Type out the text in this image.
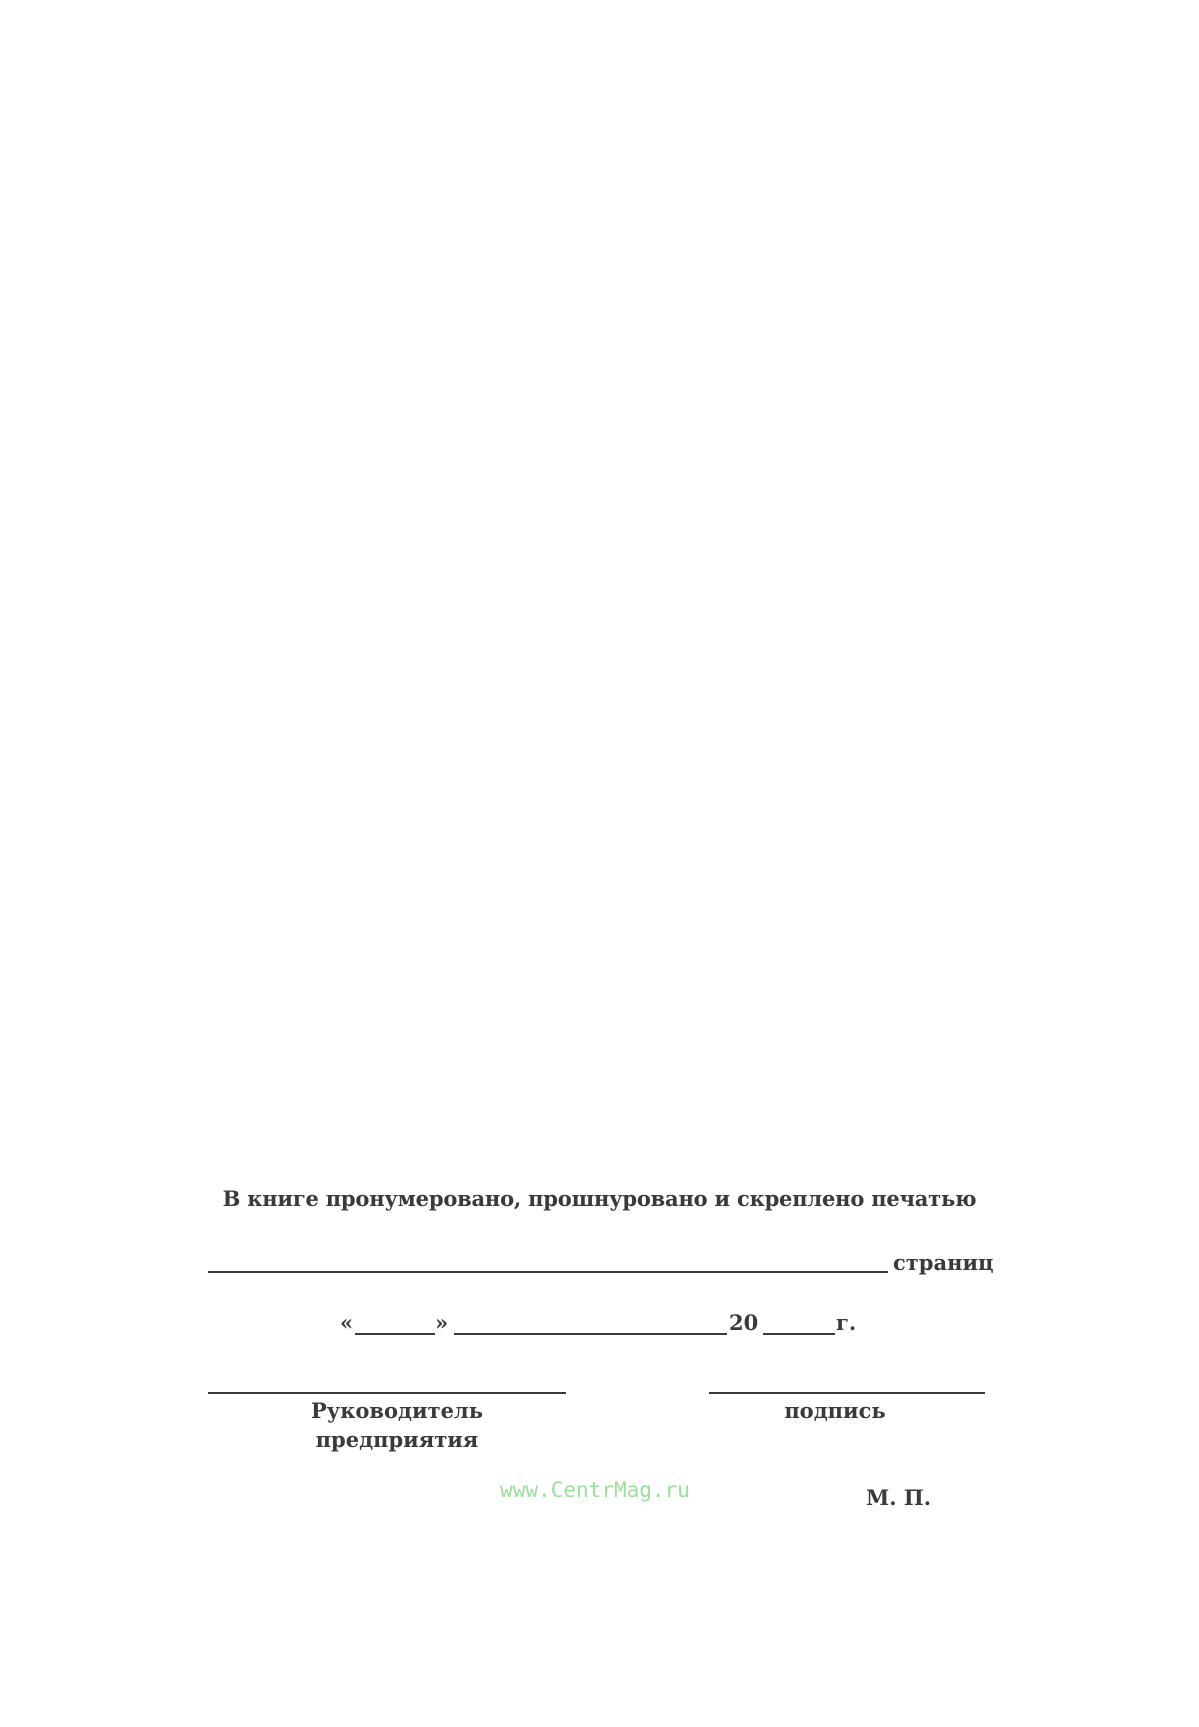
В книге пронумеровано, прошнуровано и скреплено печатью
страниц
«	»	20	г.
Руководитель
предприятия
подпись
www.CentrMag.ru	М. П.
